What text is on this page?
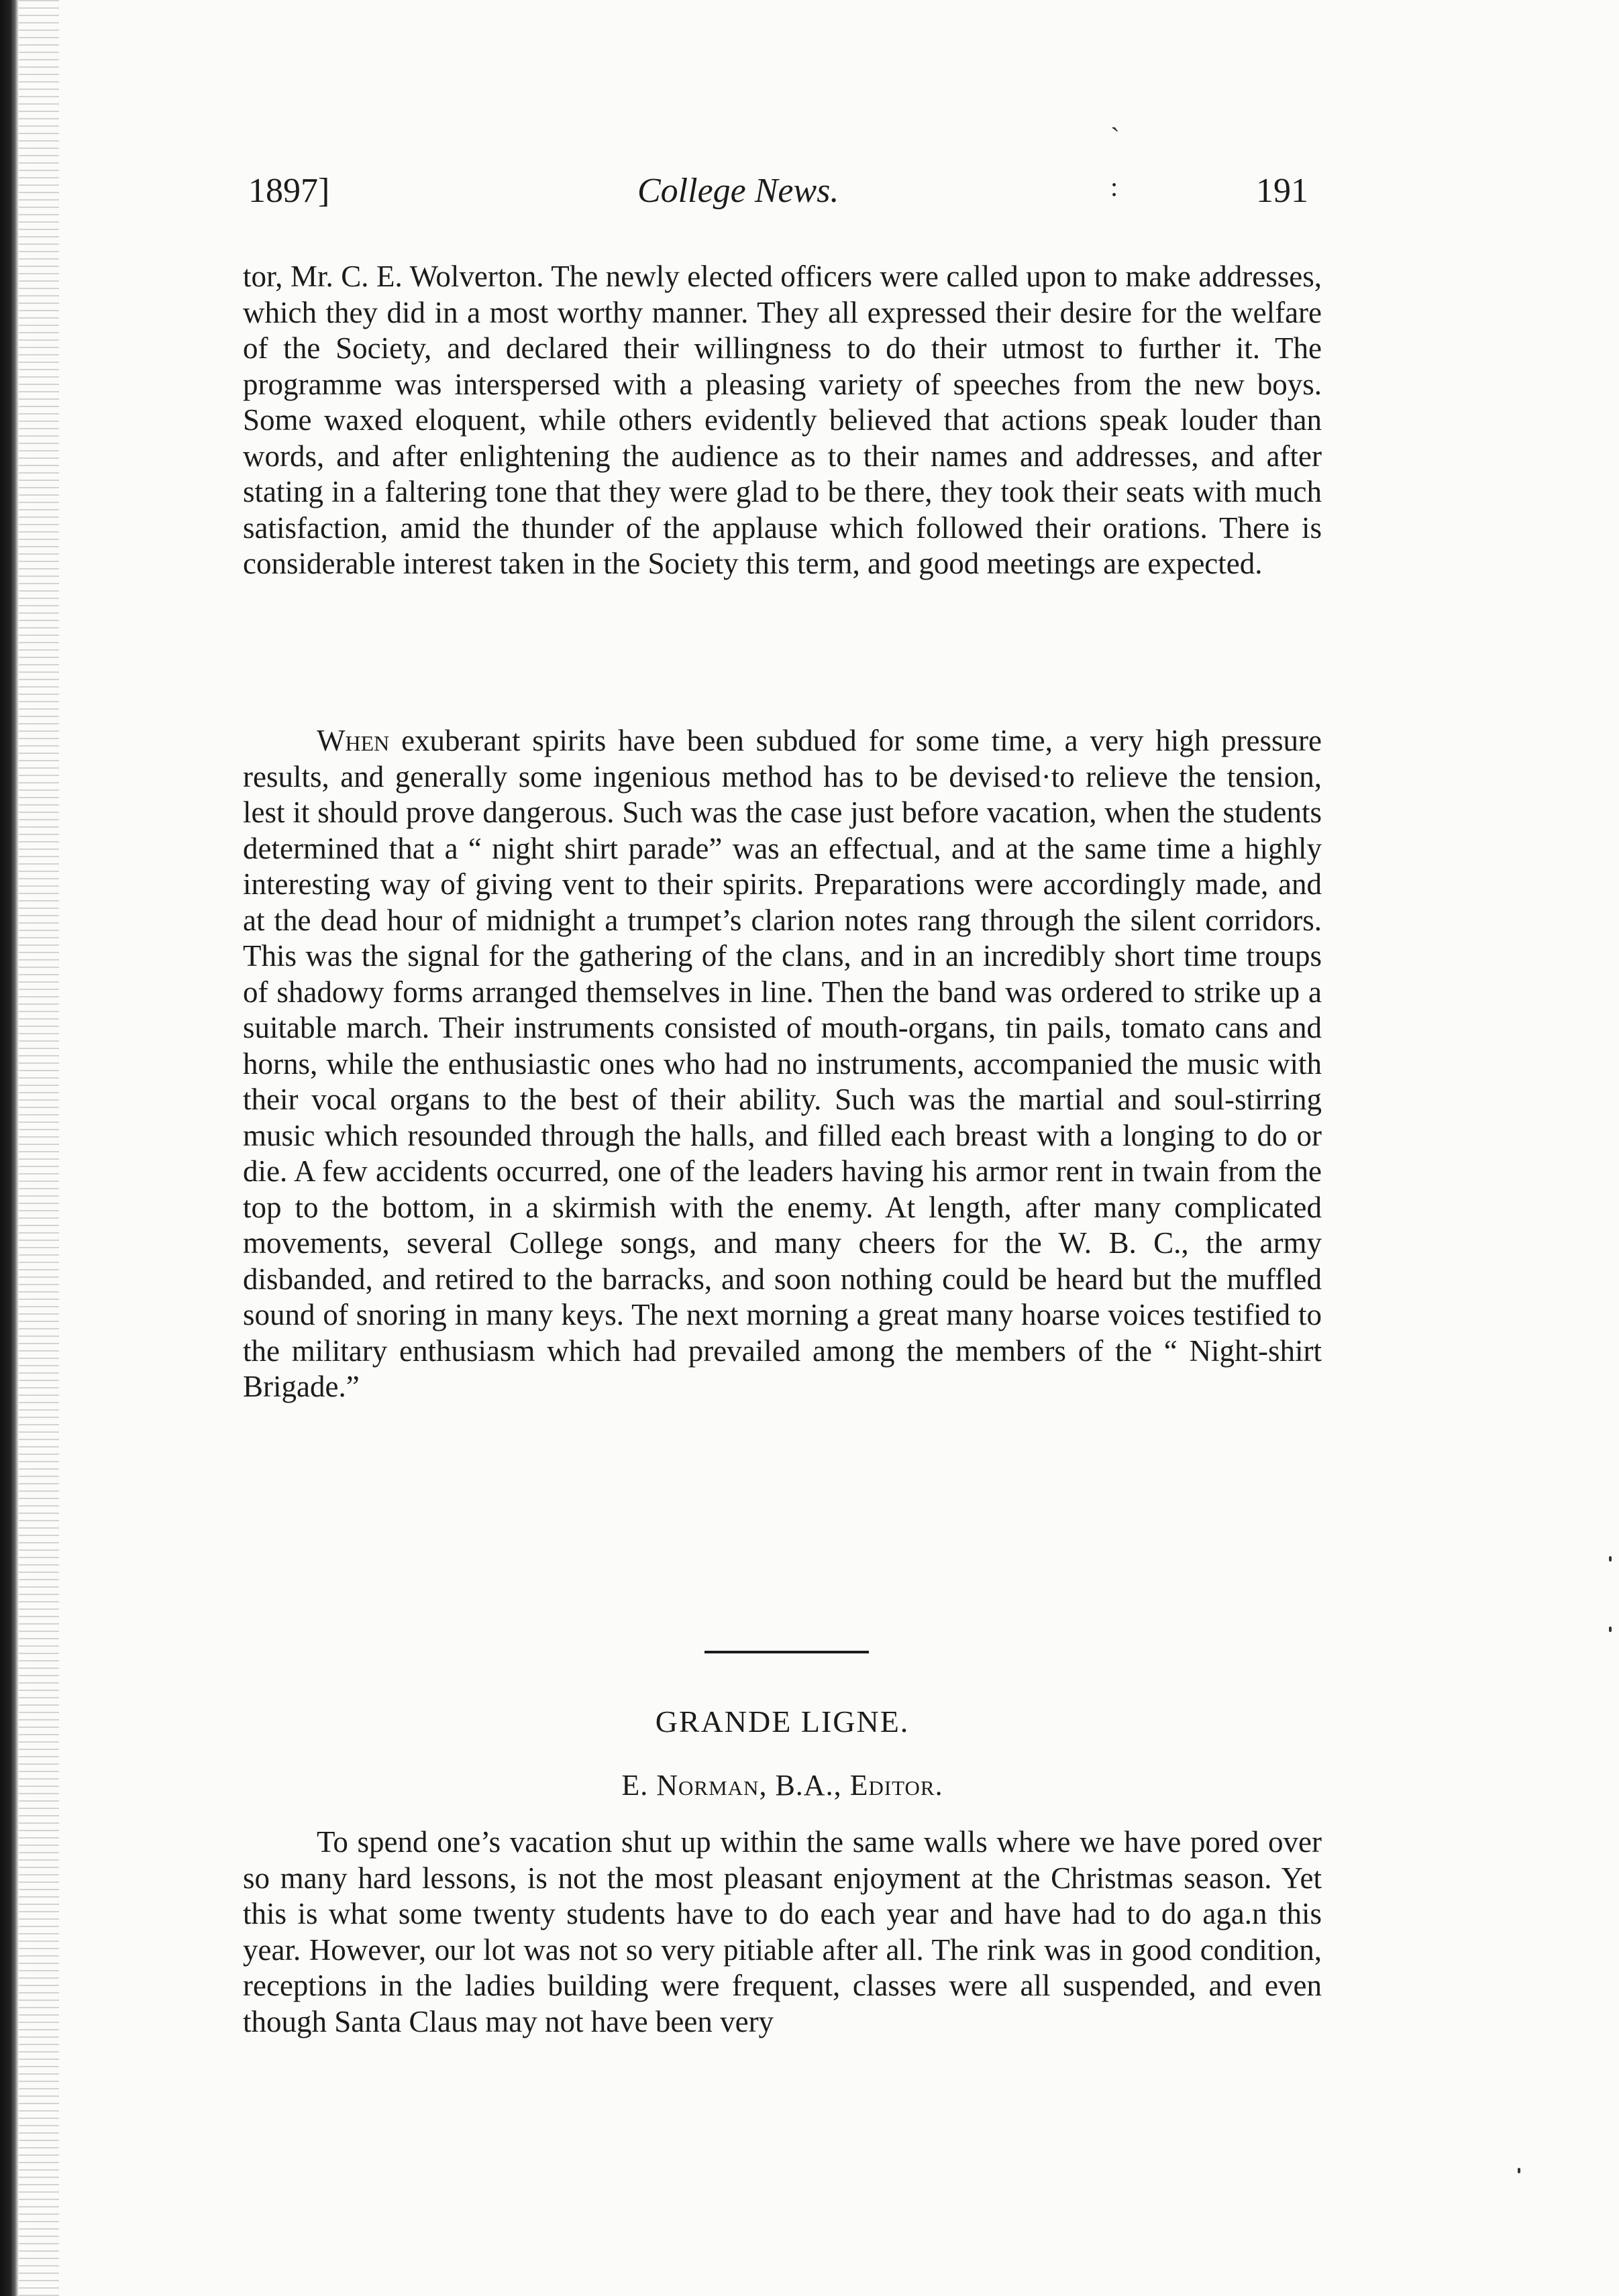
ˎ
1897]	College News.	:	191

tor, Mr. C. E. Wolverton. The newly elected officers were called upon to make addresses, which they did in a most worthy manner. They all expressed their desire for the welfare of the Society, and declared their willingness to do their utmost to further it. The programme was interspersed with a pleasing variety of speeches from the new boys. Some waxed eloquent, while others evidently believed that actions speak louder than words, and after enlightening the audience as to their names and addresses, and after stating in a faltering tone that they were glad to be there, they took their seats with much satisfaction, amid the thunder of the applause which followed their orations. There is considerable interest taken in the Society this term, and good meetings are expected.

When exuberant spirits have been subdued for some time, a very high pressure results, and generally some ingenious method has to be devised·to relieve the tension, lest it should prove dangerous. Such was the case just before vacation, when the students determined that a “ night shirt parade” was an effectual, and at the same time a highly interesting way of giving vent to their spirits. Preparations were accordingly made, and at the dead hour of midnight a trumpet’s clarion notes rang through the silent corridors. This was the signal for the gathering of the clans, and in an incredibly short time troups of shadowy forms arranged themselves in line. Then the band was ordered to strike up a suitable march. Their instruments consisted of mouth-organs, tin pails, tomato cans and horns, while the enthusiastic ones who had no instruments, accompanied the music with their vocal organs to the best of their ability. Such was the martial and soul-stirring music which resounded through the halls, and filled each breast with a longing to do or die. A few accidents occurred, one of the leaders having his armor rent in twain from the top to the bottom, in a skirmish with the enemy. At length, after many complicated movements, several College songs, and many cheers for the W. B. C., the army disbanded, and retired to the barracks, and soon nothing could be heard but the muffled sound of snoring in many keys. The next morning a great many hoarse voices testified to the military enthusiasm which had prevailed among the members of the “ Night-shirt Brigade.”

GRANDE LIGNE.
E. Norman, B.A., Editor.

To spend one’s vacation shut up within the same walls where we have pored over so many hard lessons, is not the most pleasant enjoyment at the Christmas season. Yet this is what some twenty students have to do each year and have had to do aga.n this year. However, our lot was not so very pitiable after all. The rink was in good condition, receptions in the ladies building were frequent, classes were all suspended, and even though Santa Claus may not have been very
